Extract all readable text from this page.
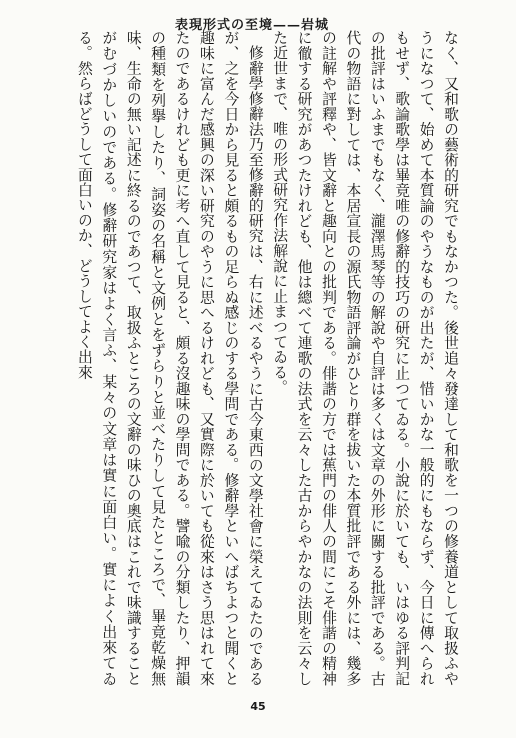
表現形式の至境——岩城

なく、又和歌の藝術的研究でもなかつた。後世追々發達して和歌を一つの修養道として取扱ふやうになつて、始めて本質論のやうなものが出たが、惜いかな一般的にもならず、今日に傳へられもせず、歌論歌學は畢竟唯の修辭的技巧の研究に止つてゐる。小說に於いても、いはゆる評判記の批評はいふまでもなく、瀧澤馬琴等の解說や自評は多くは文章の外形に關する批評である。古代の物語に對しては、本居宣長の源氏物語評論がひとり群を拔いた本質批評である外には、幾多の註解や評釋や、皆文辭と趣向との批判である。俳諧の方では蕉門の俳人の間にこそ俳諧の精神に徹する研究があつたけれども、他は總べて連歌の法式を云々した古からやかなの法則を云々した近世まで、唯の形式研究作法解說に止まつてゐる。

修辭學修辭法乃至修辭的研究は、右に述べるやうに古今東西の文學社會に榮えてゐたのであるが、之を今日から見ると頗るもの足らぬ感じのする學問である。修辭學といへばちよつと聞くと趣味に富んだ感興の深い研究のやうに思へるけれども、又實際に於いても從來はさう思はれて來たのであるけれども更に考へ直して見ると、頗る沒趣味の學問である。譬喩の分類したり、押韻の種類を列擧したり、詞姿の名稱と文例とをずらりと並べたりして見たところで、畢竟乾燥無味、生命の無い記述に終るのであつて、取扱ふところの文辭の味ひの奧底はこれで味識することがむづかしいのである。修辭研究家はよく言ふ、某々の文章は實に面白い。實によく出來てゐる。然らばどうして面白いのか、どうしてよく出來

45
